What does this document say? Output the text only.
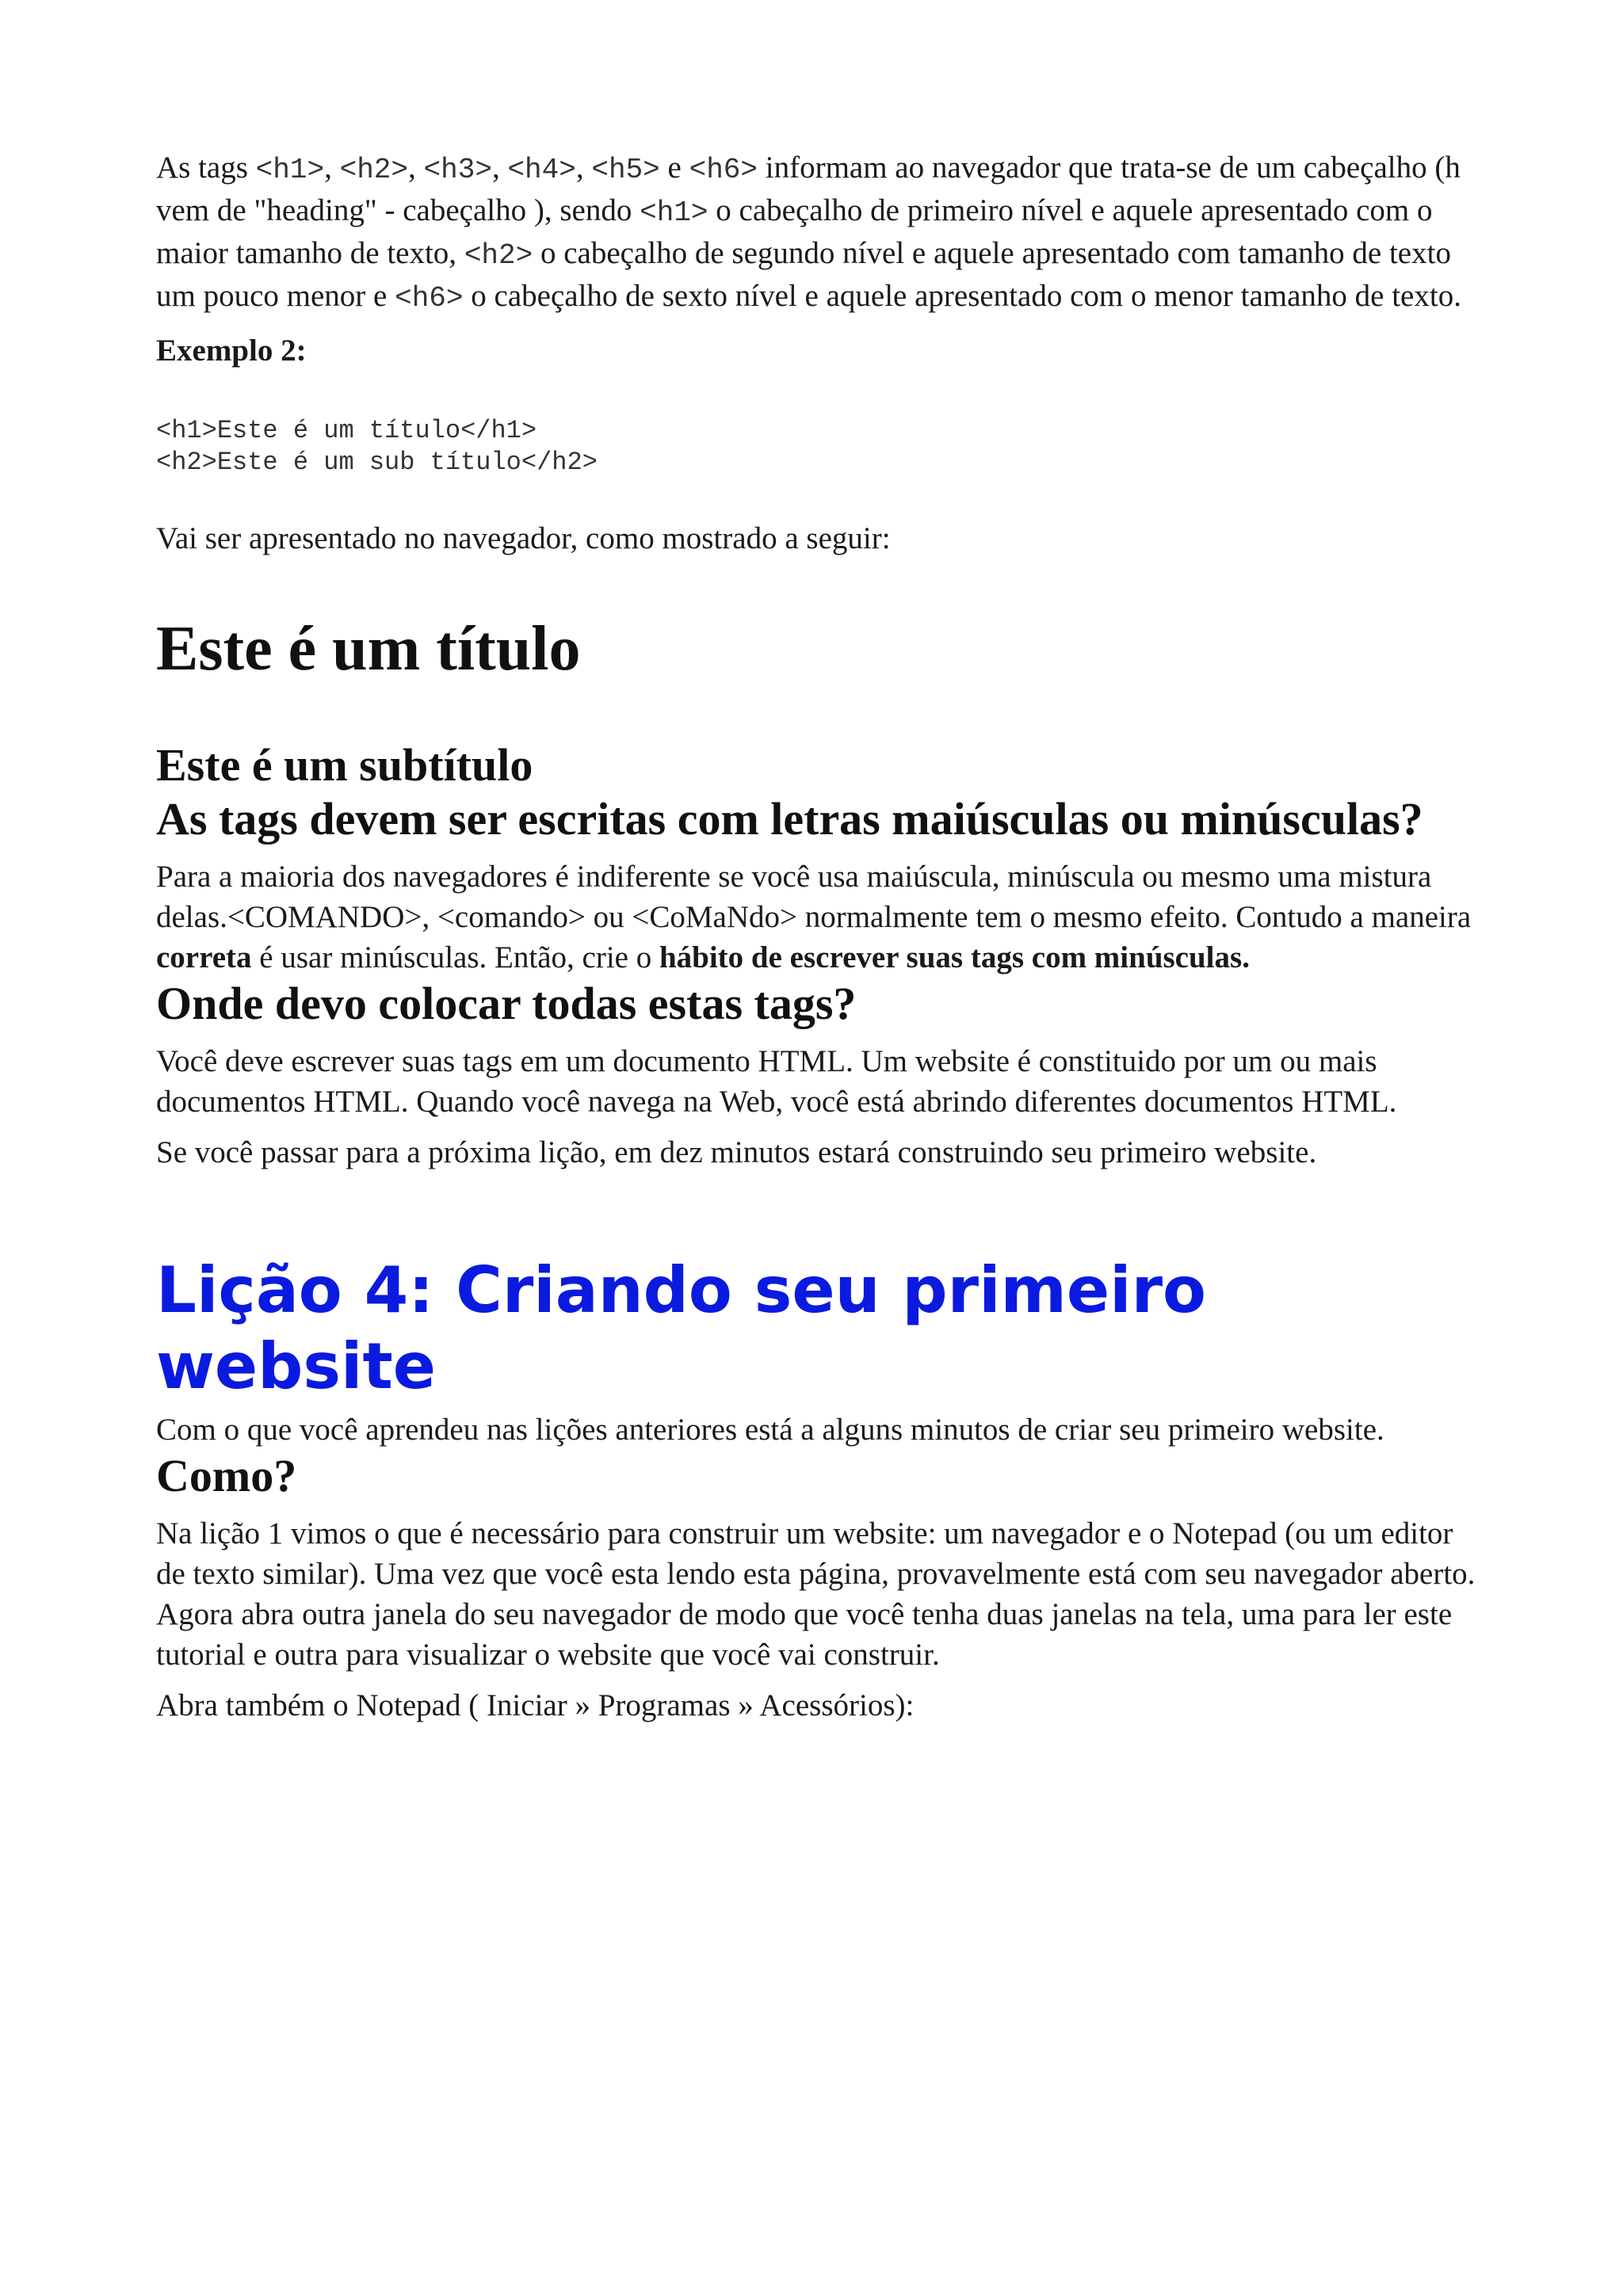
As tags <h1>, <h2>, <h3>, <h4>, <h5> e <h6> informam ao navegador que trata-se de um cabeçalho (h vem de "heading" - cabeçalho ), sendo <h1> o cabeçalho de primeiro nível e aquele apresentado com o maior tamanho de texto, <h2> o cabeçalho de segundo nível e aquele apresentado com tamanho de texto um pouco menor e <h6> o cabeçalho de sexto nível e aquele apresentado com o menor tamanho de texto.

Exemplo 2:

<h1>Este é um título</h1>
<h2>Este é um sub título</h2>

Vai ser apresentado no navegador, como mostrado a seguir:

Este é um título
Este é um subtítulo
As tags devem ser escritas com letras maiúsculas ou minúsculas?

Para a maioria dos navegadores é indiferente se você usa maiúscula, minúscula ou mesmo uma mistura delas.<COMANDO>, <comando> ou <CoMaNdo> normalmente tem o mesmo efeito. Contudo a maneira correta é usar minúsculas. Então, crie o hábito de escrever suas tags com minúsculas.

Onde devo colocar todas estas tags?

Você deve escrever suas tags em um documento HTML. Um website é constituido por um ou mais documentos HTML. Quando você navega na Web, você está abrindo diferentes documentos HTML.

Se você passar para a próxima lição, em dez minutos estará construindo seu primeiro website.

Lição 4: Criando seu primeiro website

Com o que você aprendeu nas lições anteriores está a alguns minutos de criar seu primeiro website.

Como?

Na lição 1 vimos o que é necessário para construir um website: um navegador e o Notepad (ou um editor de texto similar). Uma vez que você esta lendo esta página, provavelmente está com seu navegador aberto. Agora abra outra janela do seu navegador de modo que você tenha duas janelas na tela, uma para ler este tutorial e outra para visualizar o website que você vai construir.

Abra também o Notepad ( Iniciar » Programas » Acessórios):
